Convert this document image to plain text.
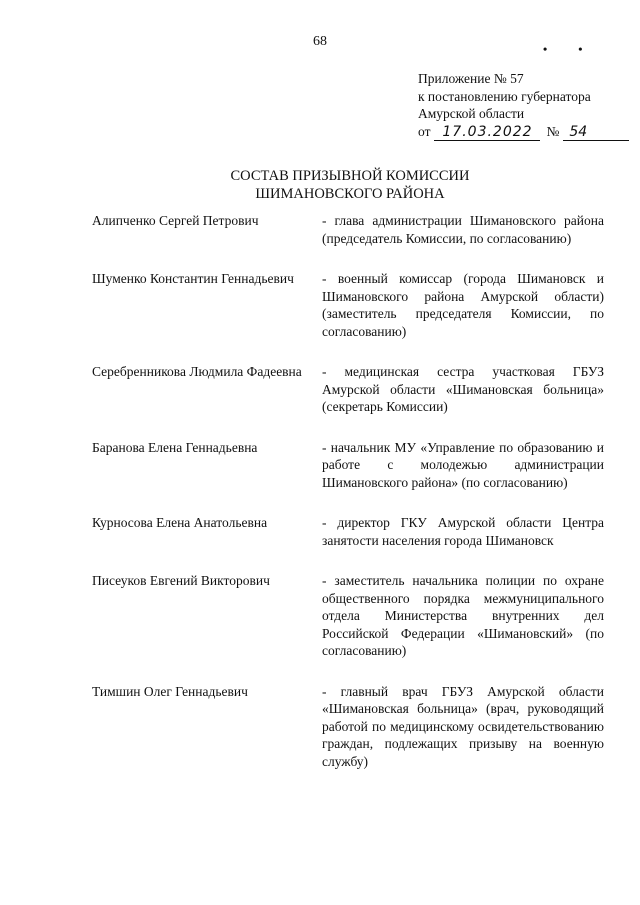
68	• •
Приложение № 57
к постановлению губернатора
Амурской области
от 17.03.2022	№ 54
СОСТАВ ПРИЗЫВНОЙ КОМИССИИ
ШИМАНОВСКОГО РАЙОНА
Алипченко Сергей Петрович	- глава администрации Шимановского района (председатель Комиссии, по согласованию)
Шуменко Константин Геннадьевич	- военный комиссар (города Шимановск и Шимановского района Амурской области) (заместитель председателя Комиссии, по согласованию)
Серебренникова Людмила Фадеевна	- медицинская сестра участковая ГБУЗ Амурской области «Шимановская больница» (секретарь Комиссии)
Баранова Елена Геннадьевна	- начальник МУ «Управление по образованию и работе с молодежью администрации Шимановского района» (по согласованию)
Курносова Елена Анатольевна	- директор ГКУ Амурской области Центра занятости населения города Шимановск
Писеуков Евгений Викторович	- заместитель начальника полиции по охране общественного порядка межмуниципального отдела Министерства внутренних дел Российской Федерации «Шимановский» (по согласованию)
Тимшин Олег Геннадьевич	- главный врач ГБУЗ Амурской области «Шимановская больница» (врач, руководящий работой по медицинскому освидетельствованию граждан, подлежащих призыву на военную службу)
